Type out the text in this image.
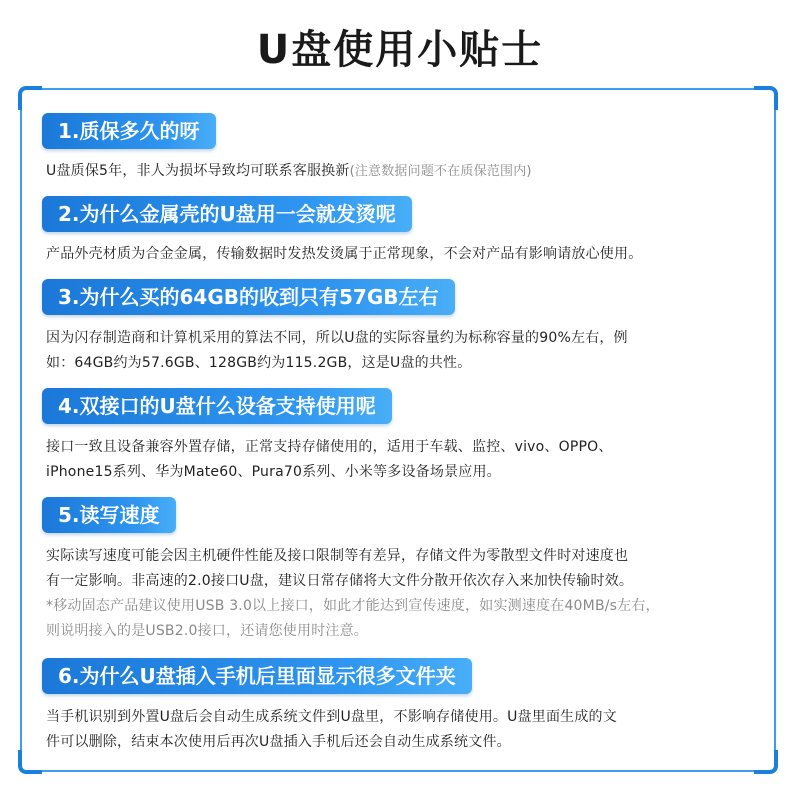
U盘使用小贴士
1.质保多久的呀

U盘质保5年，非人为损坏导致均可联系客服换新(注意数据问题不在质保范围内)

2.为什么金属壳的U盘用一会就发烫呢

产品外壳材质为合金金属，传输数据时发热发烫属于正常现象，不会对产品有影响请放心使用。

3.为什么买的64GB的收到只有57GB左右

因为闪存制造商和计算机采用的算法不同，所以U盘的实际容量约为标称容量的90%左右，例

如：64GB约为57.6GB、128GB约为115.2GB，这是U盘的共性。

4.双接口的U盘什么设备支持使用呢

接口一致且设备兼容外置存储，正常支持存储使用的，适用于车载、监控、vivo、OPPO、

iPhone15系列、华为Mate60、Pura70系列、小米等多设备场景应用。

5.读写速度

实际读写速度可能会因主机硬件性能及接口限制等有差异，存储文件为零散型文件时对速度也

有一定影响。非高速的2.0接口U盘，建议日常存储将大文件分散开依次存入来加快传输时效。

*移动固态产品建议使用USB 3.0以上接口，如此才能达到宣传速度，如实测速度在40MB/s左右，

则说明接入的是USB2.0接口，还请您使用时注意。

6.为什么U盘插入手机后里面显示很多文件夹

当手机识别到外置U盘后会自动生成系统文件到U盘里，不影响存储使用。U盘里面生成的文

件可以删除，结束本次使用后再次U盘插入手机后还会自动生成系统文件。
